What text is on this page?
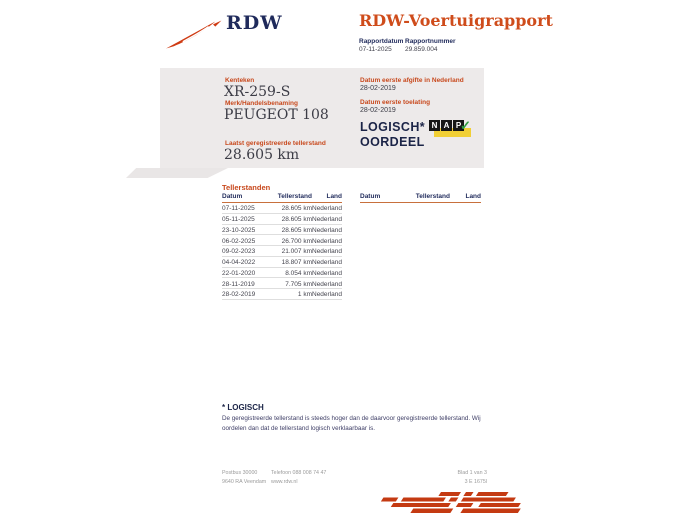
RDW	RDW-Voertuigrapport
Rapportdatum Rapportnummer
07-11-2025 29.859.004
Kenteken
XR-259-S
Merk/Handelsbenaming
PEUGEOT 108
Laatst geregistreerde tellerstand
28.605 km
Datum eerste afgifte in Nederland
28-02-2019
Datum eerste toelating
28-02-2019
LOGISCH*
OORDEEL
N A P
✓
Tellerstanden
Datum	Tellerstand	Land
07-11-2025	28.605 km Nederland
05-11-2025	28.605 km Nederland
23-10-2025	28.605 km Nederland
06-02-2025	26.700 km Nederland
09-02-2023	21.007 km Nederland
04-04-2022	18.807 km Nederland
22-01-2020	8.054 km Nederland
28-11-2019	7.705 km Nederland
28-02-2019	1 km Nederland
Datum	Tellerstand	Land
* LOGISCH
De geregistreerde tellerstand is steeds hoger dan de daarvoor geregistreerde tellerstand. Wij oordelen dan dat de tellerstand logisch verklaarbaar is.
Postbus 30000
9640 RA Veendam
Telefoon 088 008 74 47
www.rdw.nl
Blad 1 van 3
3 E 1675l
